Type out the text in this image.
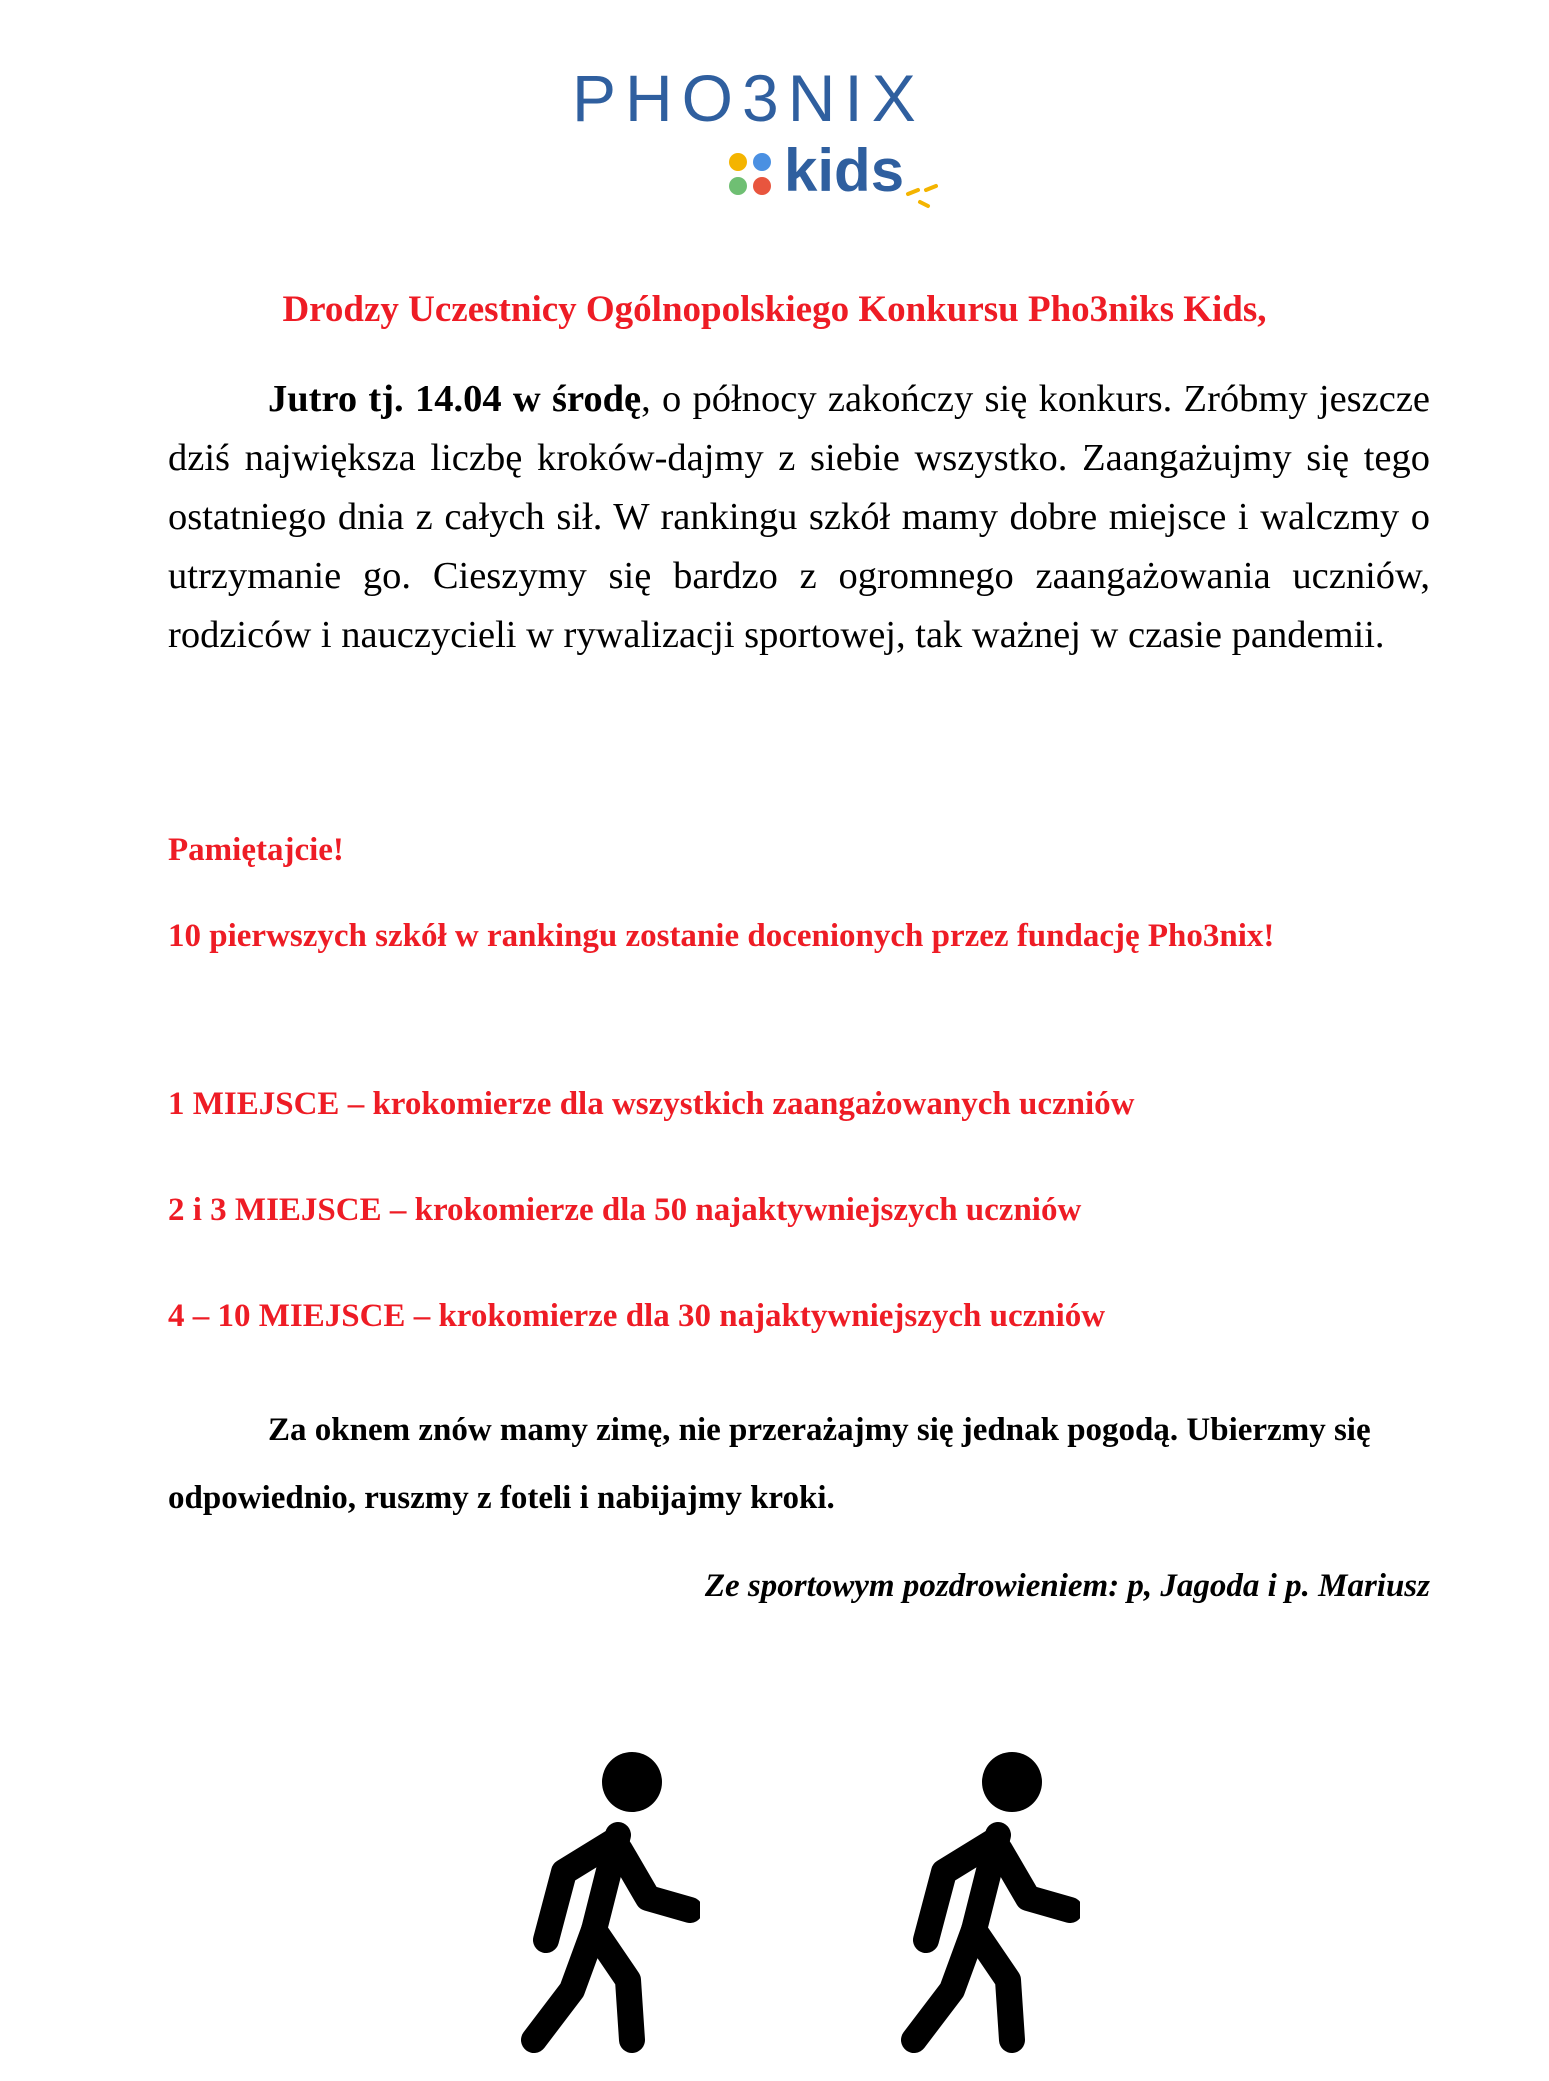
PHO3NIX
kids
Drodzy Uczestnicy Ogólnopolskiego Konkursu Pho3niks Kids,
Jutro tj. 14.04 w środę, o północy zakończy się konkurs. Zróbmy jeszcze dziś największa liczbę kroków-dajmy z siebie wszystko. Zaangażujmy się tego ostatniego dnia z całych sił. W rankingu szkół mamy dobre miejsce i walczmy o utrzymanie go. Cieszymy się bardzo z ogromnego zaangażowania uczniów, rodziców i nauczycieli w rywalizacji sportowej, tak ważnej w czasie pandemii.
Pamiętajcie!
10 pierwszych szkół w rankingu zostanie docenionych przez fundację Pho3nix!
1 MIEJSCE – krokomierze dla wszystkich zaangażowanych uczniów
2 i 3 MIEJSCE – krokomierze dla 50 najaktywniejszych uczniów
4 – 10 MIEJSCE – krokomierze dla 30 najaktywniejszych uczniów
Za oknem znów mamy zimę, nie przerażajmy się jednak pogodą. Ubierzmy się odpowiednio, ruszmy z foteli i nabijajmy kroki.
Ze sportowym pozdrowieniem: p, Jagoda i p. Mariusz
